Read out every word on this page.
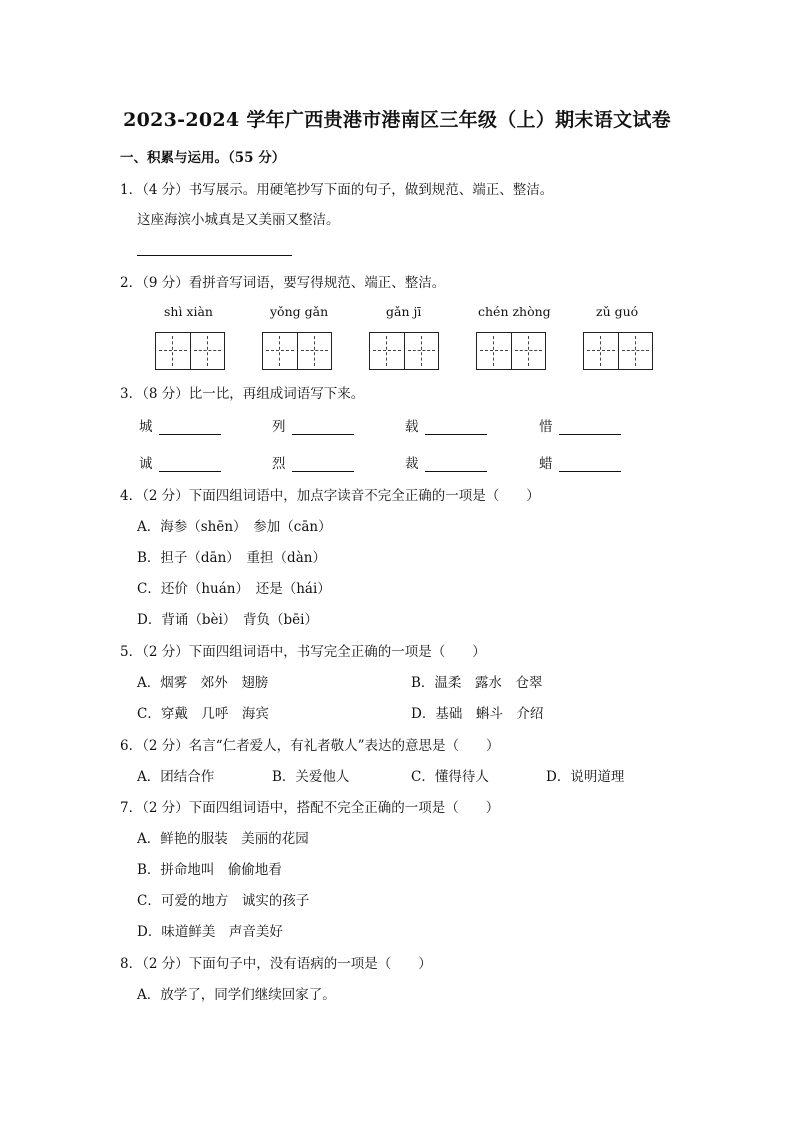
2023-2024 学年广西贵港市港南区三年级（上）期末语文试卷
一、积累与运用。（55 分）
1．（4 分）书写展示。用硬笔抄写下面的句子，做到规范、端正、整洁。
这座海滨小城真是又美丽又整洁。
2．（9 分）看拼音写词语，要写得规范、端正、整洁。
shì xiàn	yǒng gǎn	gǎn jī	chén zhòng	zǔ guó
3．（8 分）比一比，再组成词语写下来。
城	列	载	惜
诚	烈	裁	蜡
4．（2 分）下面四组词语中，加点字读音不完全正确的一项是（　　）
A．海参（shēn）　参加（cān）
B．担子（dān）　重担（dàn）
C．还价（huán）　还是（hái）
D．背诵（bèi）　背负（bēi）
5．（2 分）下面四组词语中，书写完全正确的一项是（　　）
A．烟雾　郊外　翅膀	B．温柔　露水　仓翠
C．穿戴　几呼　海宾	D．基础　蝌斗　介绍
6．（2 分）名言“仁者爱人，有礼者敬人”表达的意思是（　　）
A．团结合作	B．关爱他人	C．懂得待人	D．说明道理
7．（2 分）下面四组词语中，搭配不完全正确的一项是（　　）
A．鲜艳的服装　美丽的花园
B．拼命地叫　偷偷地看
C．可爱的地方　诚实的孩子
D．味道鲜美　声音美好
8．（2 分）下面句子中，没有语病的一项是（　　）
A．放学了，同学们继续回家了。
